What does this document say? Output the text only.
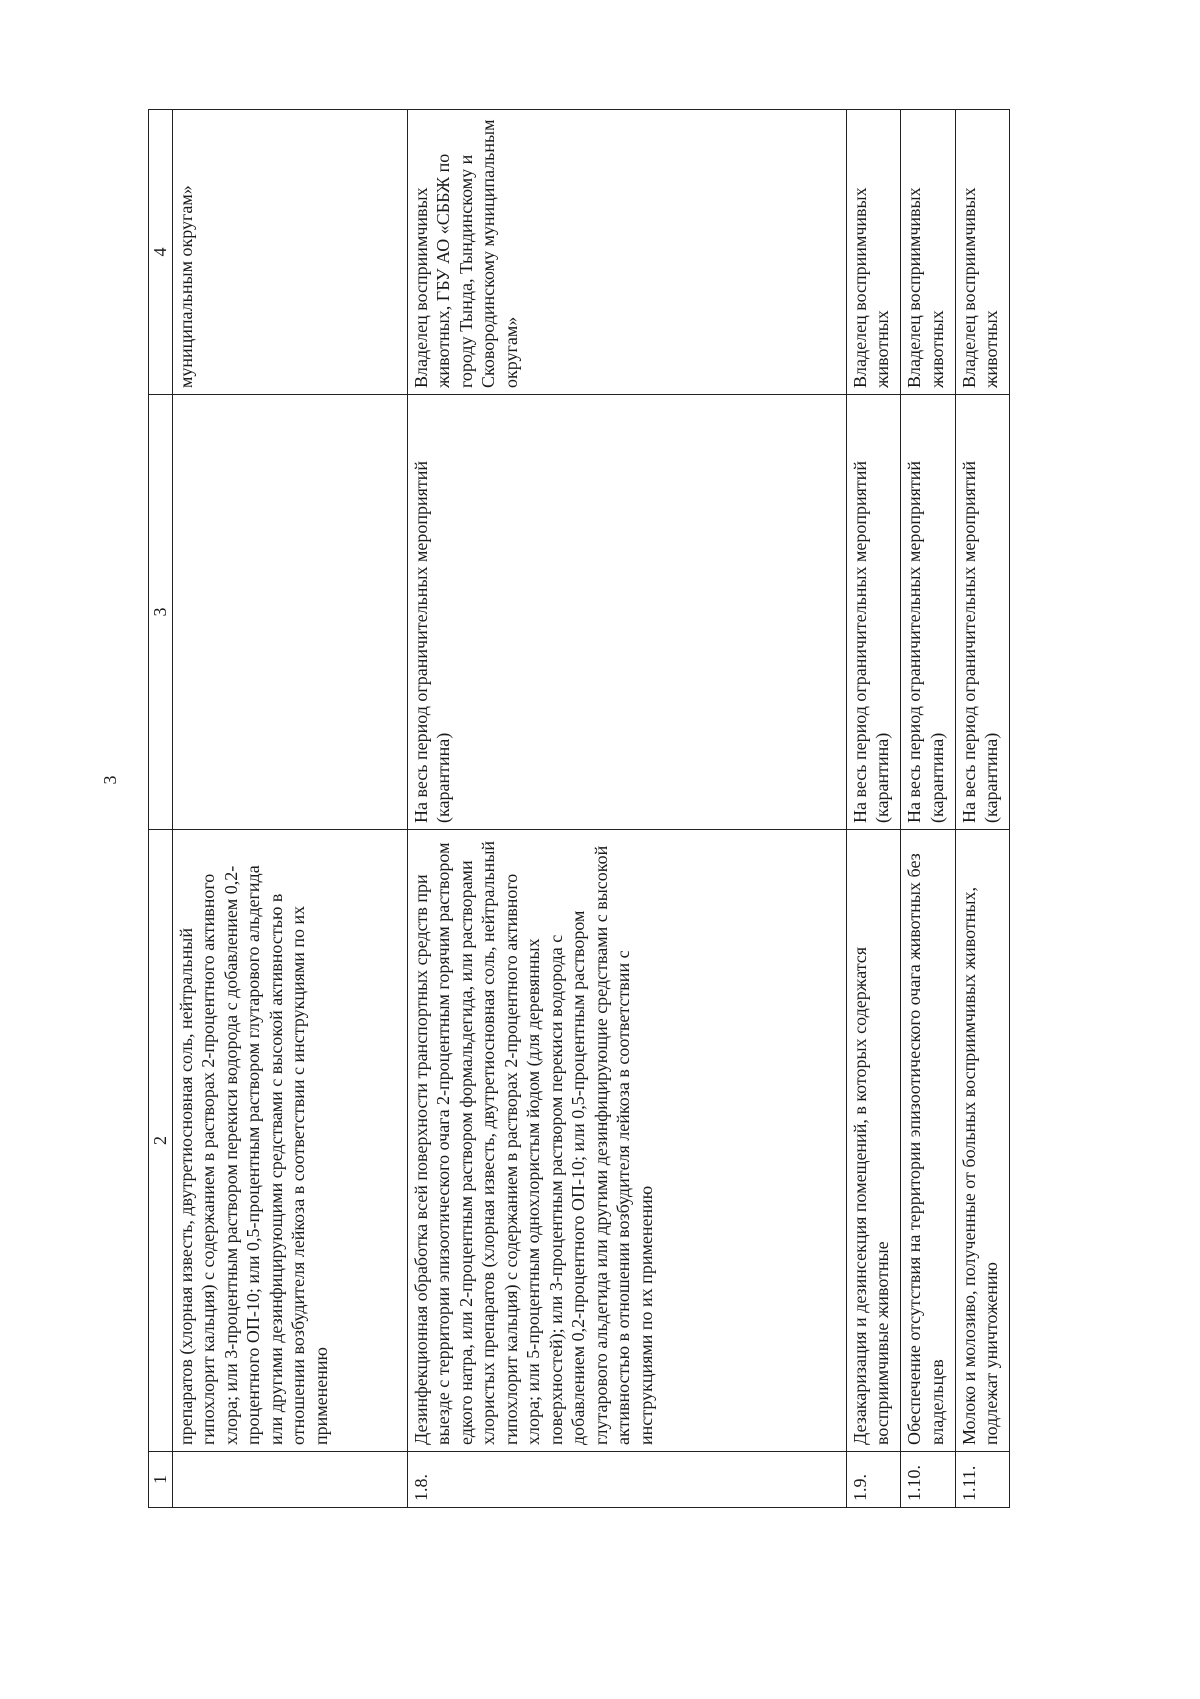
3
1	2	3	4
	препаратов (хлорная известь, двутретиосновная соль, нейтральный гипохлорит кальция) с содержанием в растворах 2-процентного активного хлора; или 3-процентным раствором перекиси водорода с добавлением 0,2-процентного ОП-10; или 0,5-процентным раствором глутарового альдегида или другими дезинфицирующими средствами с высокой активностью в отношении возбудителя лейкоза в соответствии с инструкциями по их применению		муниципальным округам»
1.8.	Дезинфекционная обработка всей поверхности транспортных средств при выезде с территории эпизоотического очага 2-процентным горячим раствором едкого натра, или 2-процентным раствором формальдегида, или растворами хлористых препаратов (хлорная известь, двутретиосновная соль, нейтральный гипохлорит кальция) с содержанием в растворах 2-процентного активного хлора; или 5-процентным однохлористым йодом (для деревянных поверхностей); или 3-процентным раствором перекиси водорода с добавлением 0,2-процентного ОП-10; или 0,5-процентным раствором глутарового альдегида или другими дезинфицирующие средствами с высокой активностью в отношении возбудителя лейкоза в соответствии с инструкциями по их применению	На весь период ограничительных мероприятий (карантина)	Владелец восприимчивых животных, ГБУ АО «СББЖ по городу Тында, Тындинскому и Сковородинскому муниципальным округам»
1.9.	Дезакаризация и дезинсекция помещений, в которых содержатся восприимчивые животные	На весь период ограничительных мероприятий (карантина)	Владелец восприимчивых животных
1.10.	Обеспечение отсутствия на территории эпизоотического очага животных без владельцев	На весь период ограничительных мероприятий (карантина)	Владелец восприимчивых животных
1.11.	Молоко и молозиво, полученные от больных восприимчивых животных, подлежат уничтожению	На весь период ограничительных мероприятий (карантина)	Владелец восприимчивых животных
